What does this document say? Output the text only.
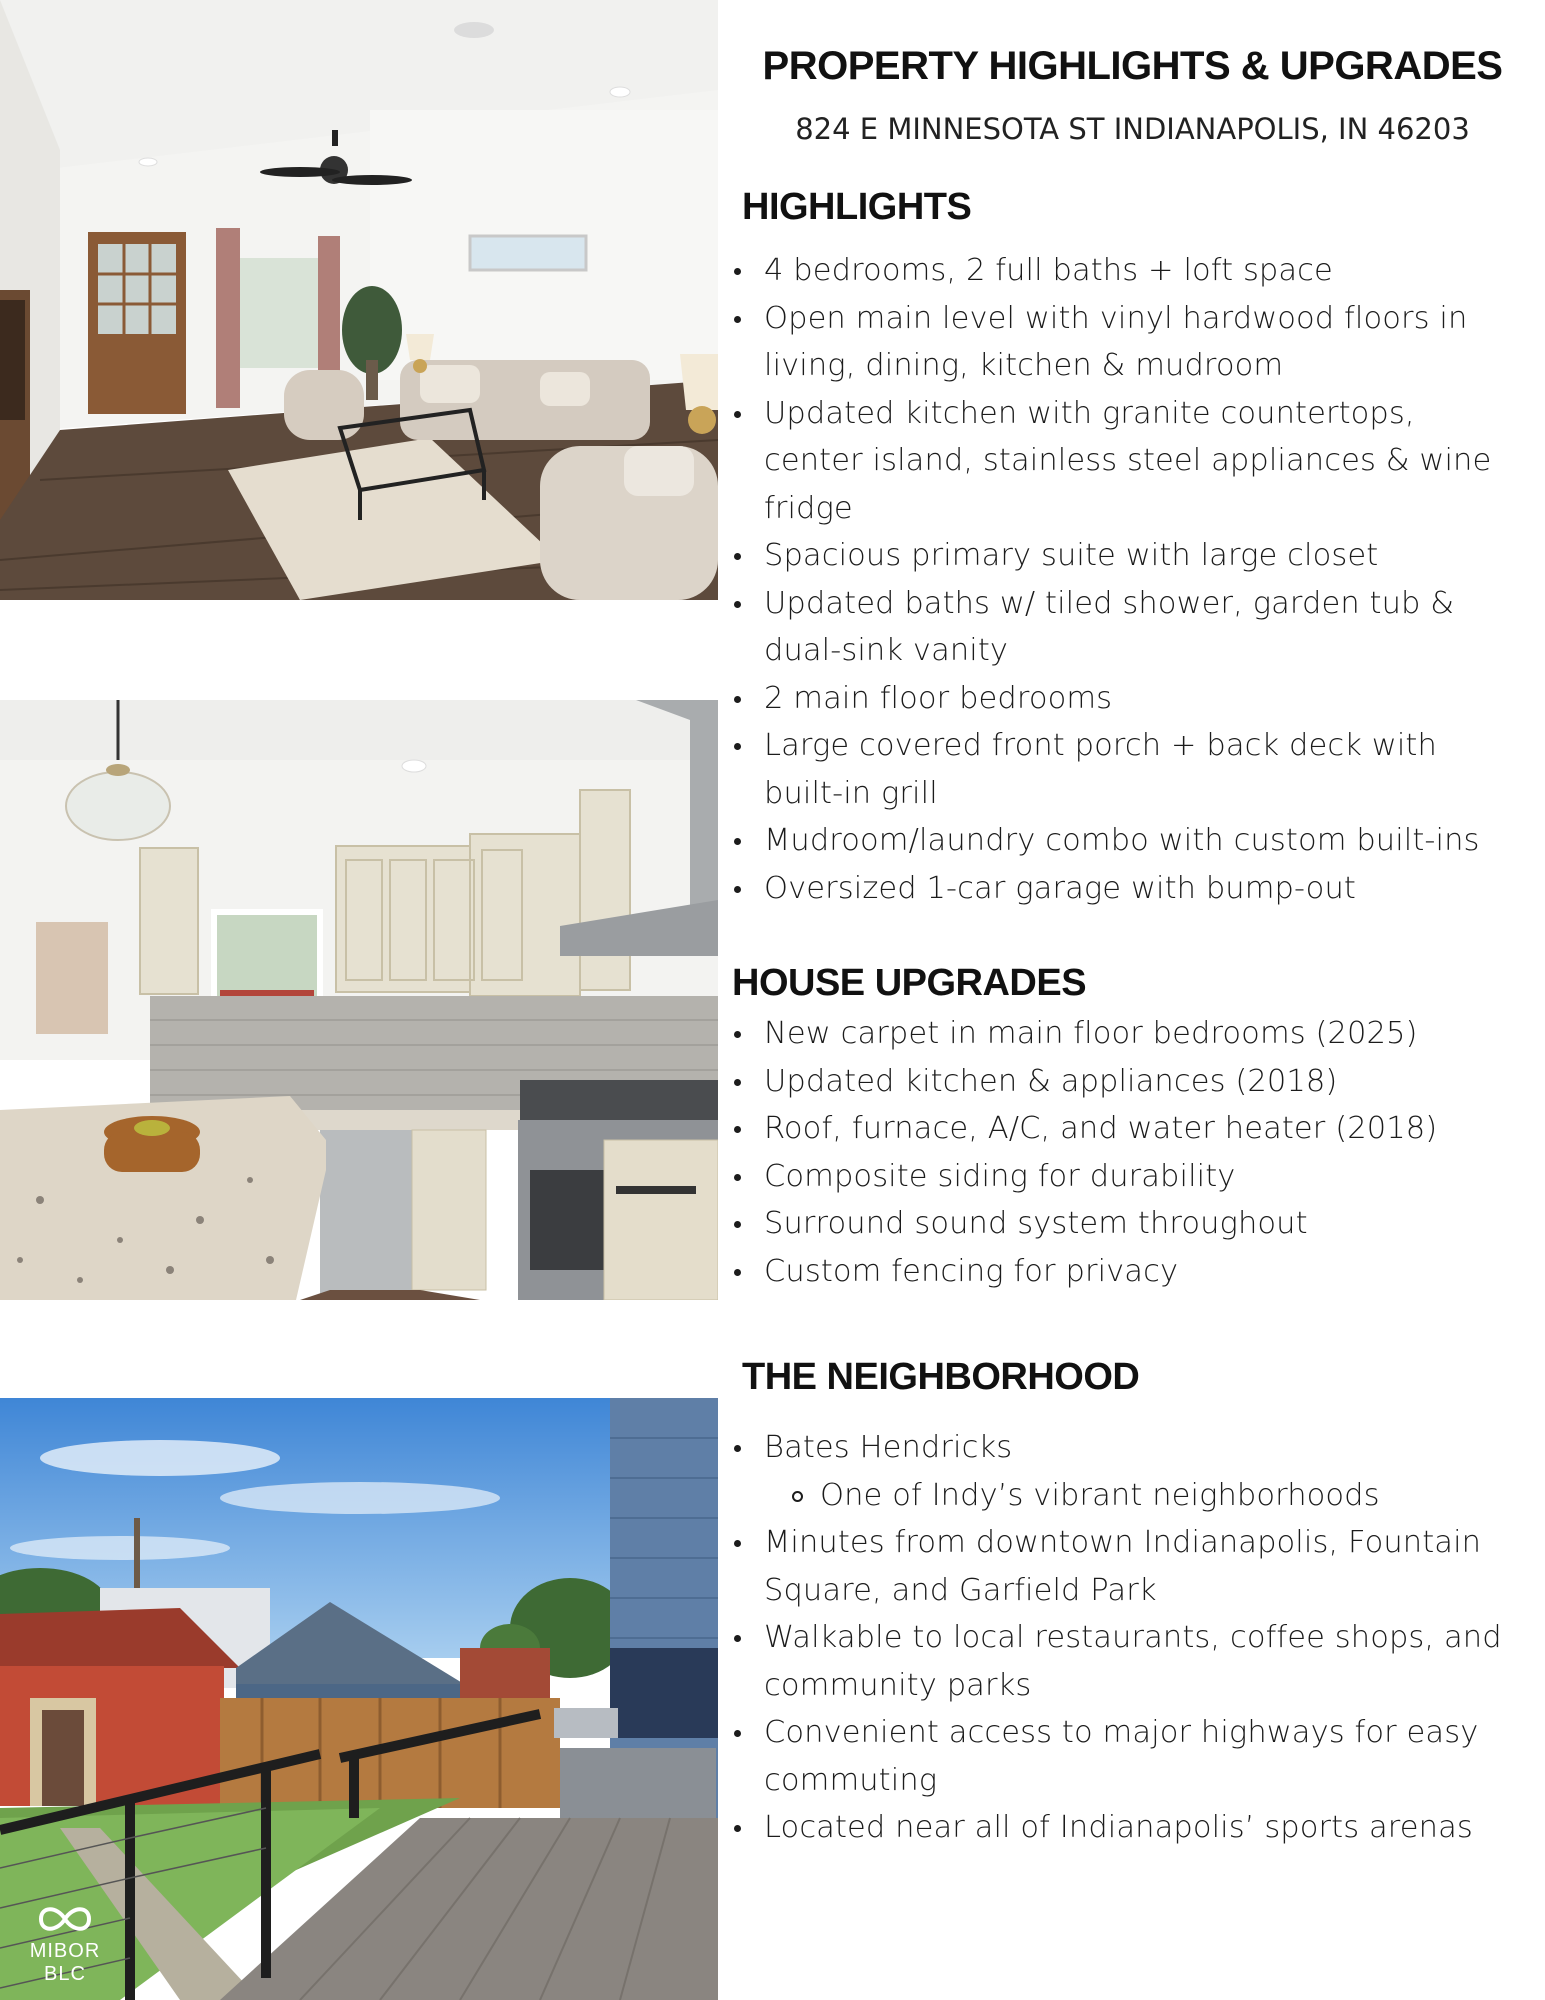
MIBOR BLC
PROPERTY HIGHLIGHTS & UPGRADES
824 E MINNESOTA ST INDIANAPOLIS, IN 46203
HIGHLIGHTS
4 bedrooms, 2 full baths + loft space
Open main level with vinyl hardwood floors in living, dining, kitchen & mudroom
Updated kitchen with granite countertops, center island, stainless steel appliances & wine fridge
Spacious primary suite with large closet
Updated baths w/ tiled shower, garden tub & dual-sink vanity
2 main floor bedrooms
Large covered front porch + back deck with built-in grill
Mudroom/laundry combo with custom built-ins
Oversized 1-car garage with bump-out
HOUSE UPGRADES
New carpet in main floor bedrooms (2025)
Updated kitchen & appliances (2018)
Roof, furnace, A/C, and water heater (2018)
Composite siding for durability
Surround sound system throughout
Custom fencing for privacy
THE NEIGHBORHOOD
Bates Hendricks
One of Indy’s vibrant neighborhoods
Minutes from downtown Indianapolis, Fountain Square, and Garfield Park
Walkable to local restaurants, coffee shops, and community parks
Convenient access to major highways for easy commuting
Located near all of Indianapolis’ sports arenas
